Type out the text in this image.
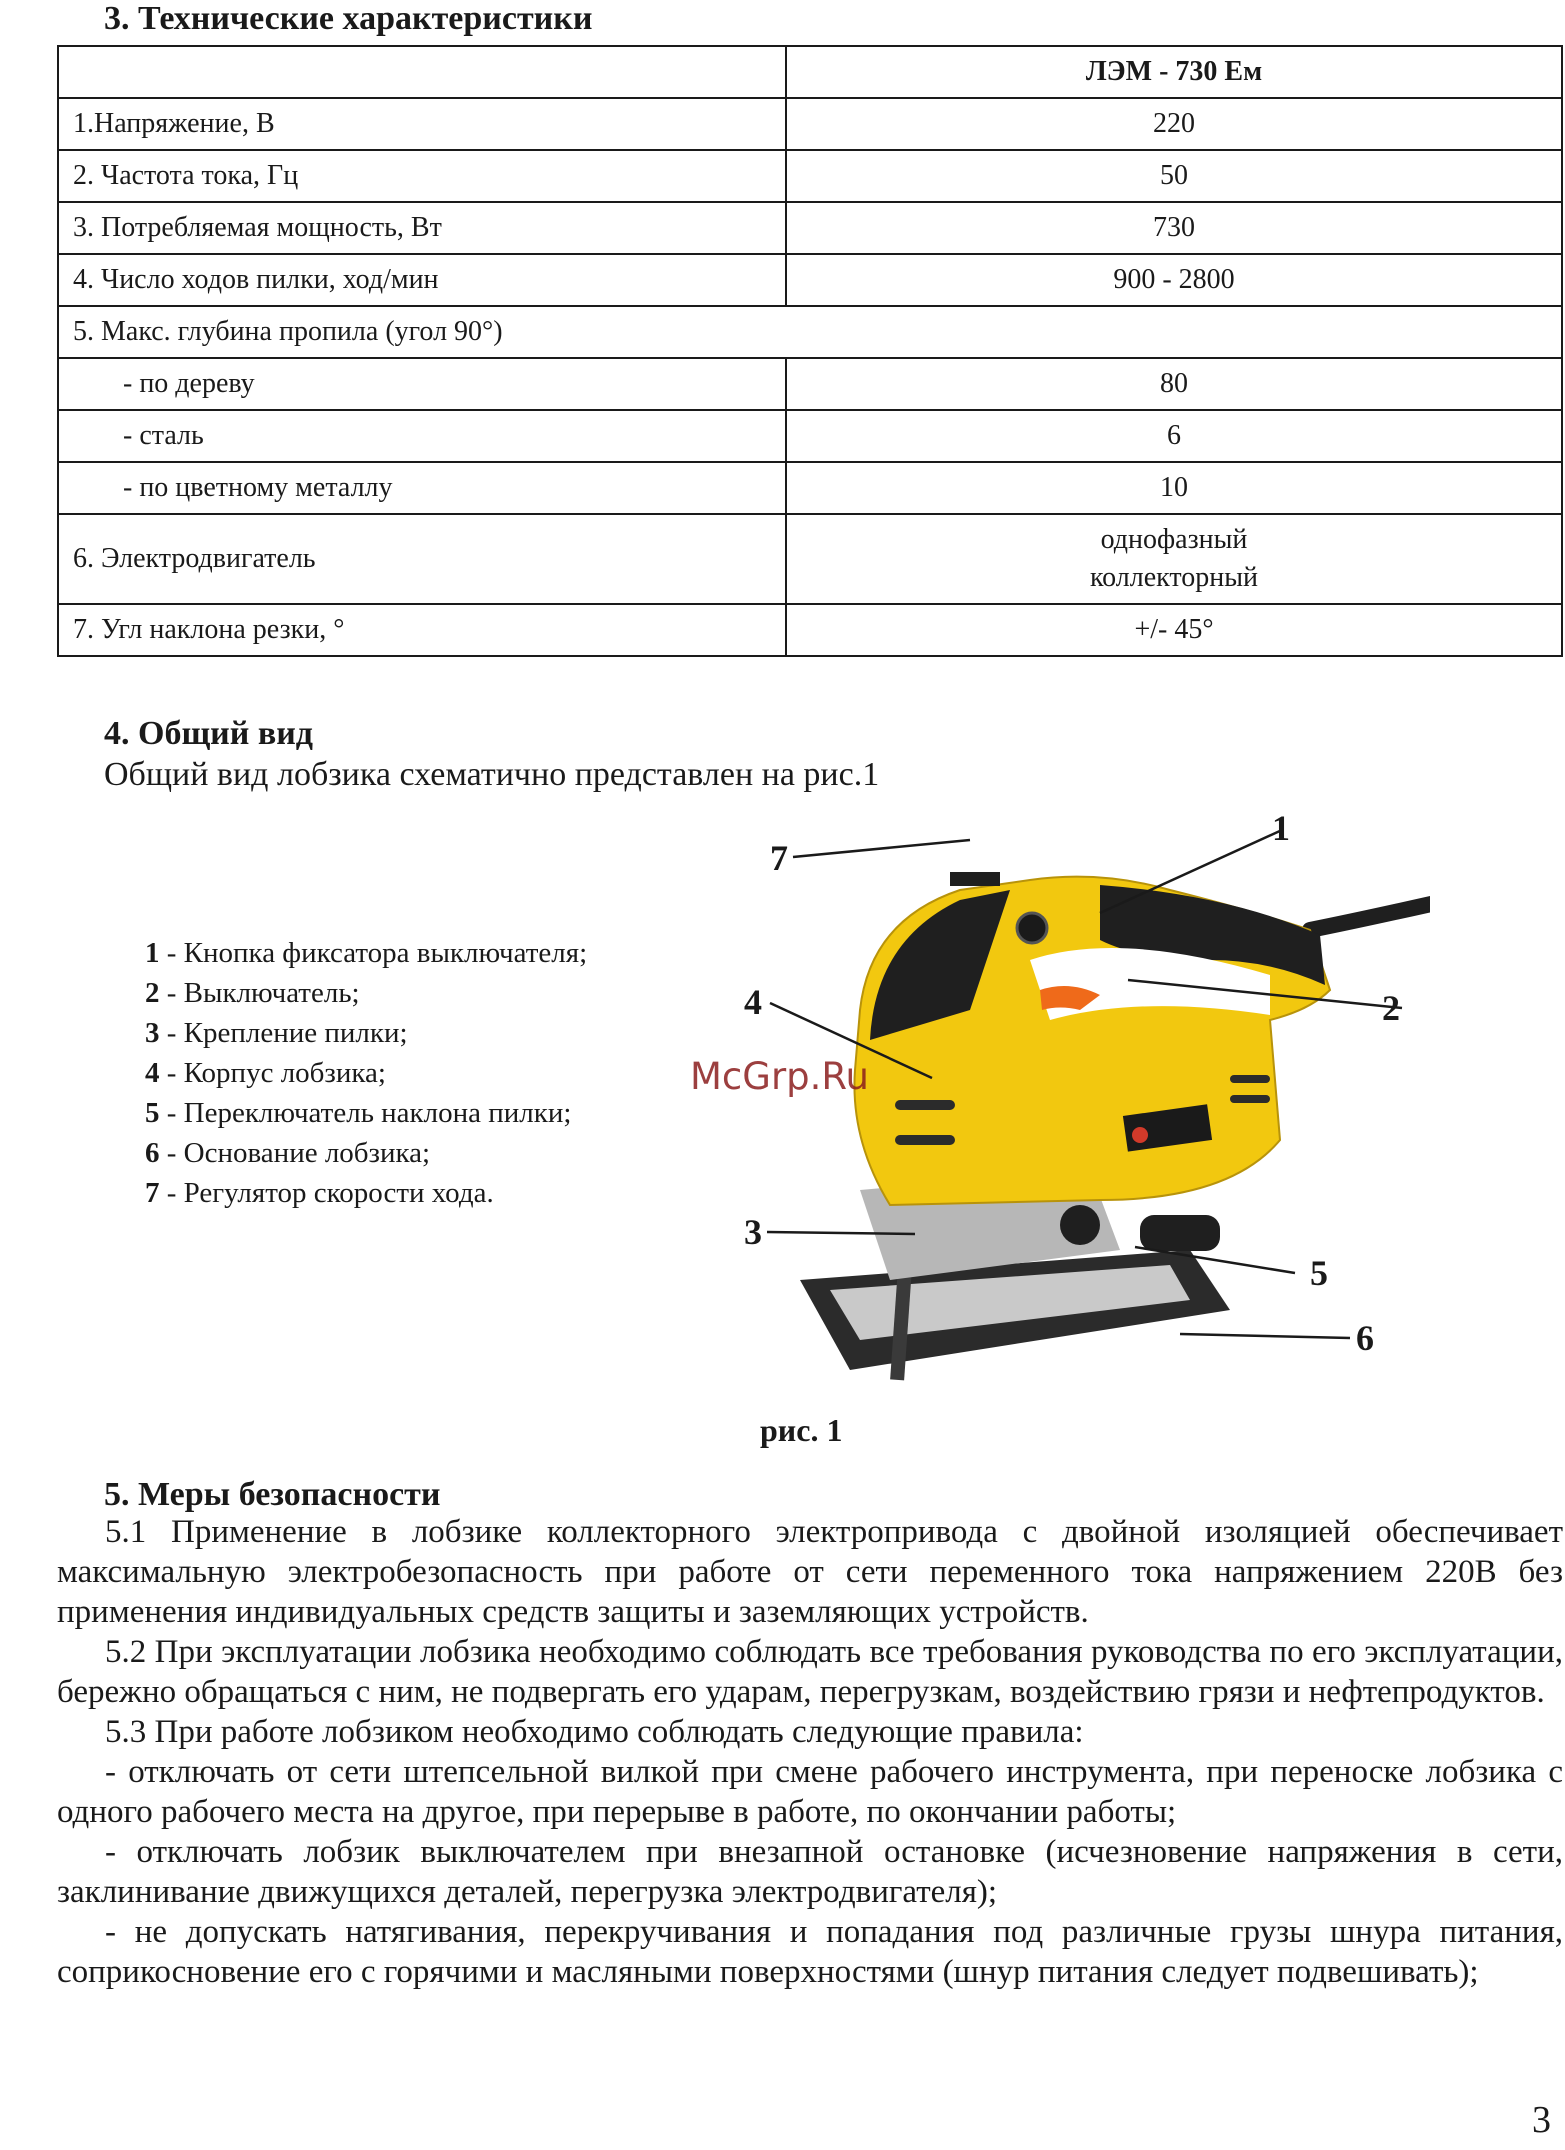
3. Технические характеристики
	ЛЭМ - 730 Ем
1.Напряжение, В	220
2. Частота тока, Гц	50
3. Потребляемая мощность, Вт	730
4. Число ходов пилки, ход/мин	900 - 2800
5. Макс. глубина пропила (угол 90°)	
- по дереву	80
- сталь	6
- по цветному металлу	10
6. Электродвигатель	однофазный
коллекторный

7. Угл наклона резки, °	+/- 45°
4. Общий вид
Общий вид лобзика схематично представлен на рис.1
1 - Кнопка фиксатора выключателя;
2 - Выключатель;
3 - Крепление пилки;
4 - Корпус лобзика;
5 - Переключатель наклона пилки;
6 - Основание лобзика;
7 - Регулятор скорости хода.
7
1
2
4
3
5
6
McGrp.Ru
рис. 1
5. Меры безопасности

5.1 Применение в лобзике коллекторного электропривода с двойной изоляцией обеспечивает максимальную электробезопасность при работе от сети переменного тока напряжением 220В без применения индивидуальных средств защиты и заземляющих устройств.

5.2 При эксплуатации лобзика необходимо соблюдать все требования руководства по его эксплуатации, бережно обращаться с ним, не подвергать его ударам, перегрузкам, воздействию грязи и нефтепродуктов.

5.3 При работе лобзиком необходимо соблюдать следующие правила:

- отключать от сети штепсельной вилкой при смене рабочего инструмента, при переноске лобзика с одного рабочего места на другое, при перерыве в работе, по окончании работы;

- отключать лобзик выключателем при внезапной остановке (исчезновение напряжения в сети, заклинивание движущихся деталей, перегрузка электродвигателя);

- не допускать натягивания, перекручивания и попадания под различные грузы шнура питания, соприкосновение его с горячими и масляными поверхностями (шнур питания следует подвешивать);

3
